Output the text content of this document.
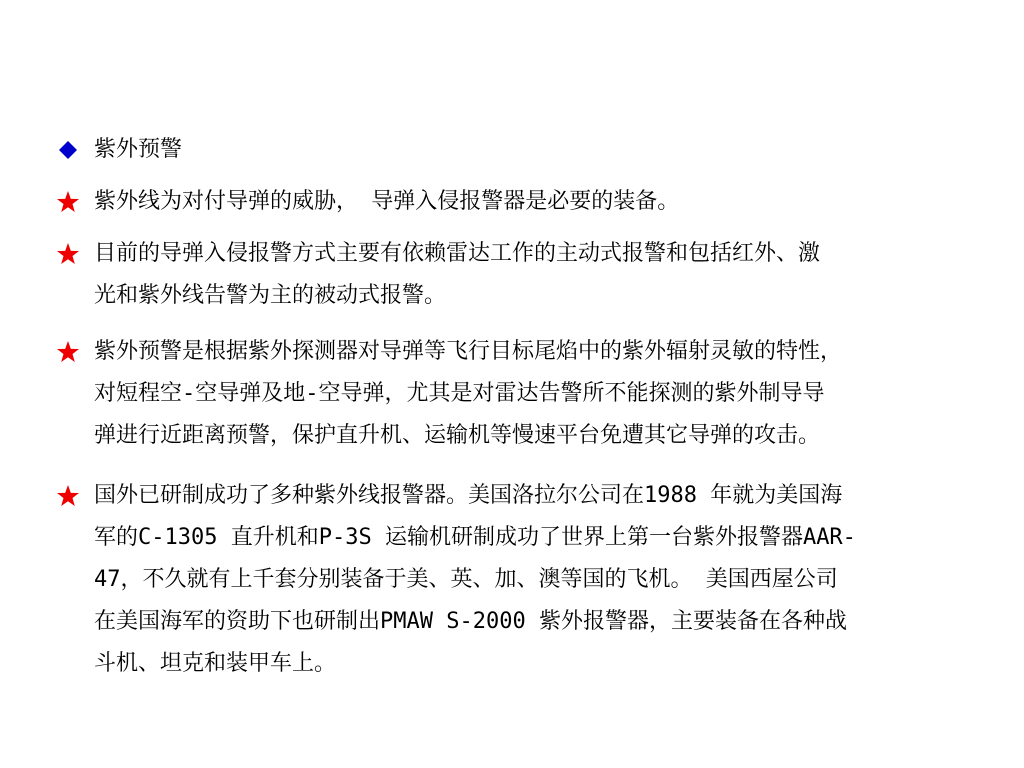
紫外预警
紫外线为对付导弹的威胁， 导弹入侵报警器是必要的装备。
目前的导弹入侵报警方式主要有依赖雷达工作的主动式报警和包括红外、激
光和紫外线告警为主的被动式报警。
紫外预警是根据紫外探测器对导弹等飞行目标尾焰中的紫外辐射灵敏的特性，
对短程空-空导弹及地-空导弹，尤其是对雷达告警所不能探测的紫外制导导
弹进行近距离预警，保护直升机、运输机等慢速平台免遭其它导弹的攻击。
国外已研制成功了多种紫外线报警器。美国洛拉尔公司在1988 年就为美国海
军的C-1305 直升机和P-3S 运输机研制成功了世界上第一台紫外报警器AAR-
47，不久就有上千套分别装备于美、英、加、澳等国的飞机。 美国西屋公司
在美国海军的资助下也研制出PMAW S-2000 紫外报警器，主要装备在各种战
斗机、坦克和装甲车上。
